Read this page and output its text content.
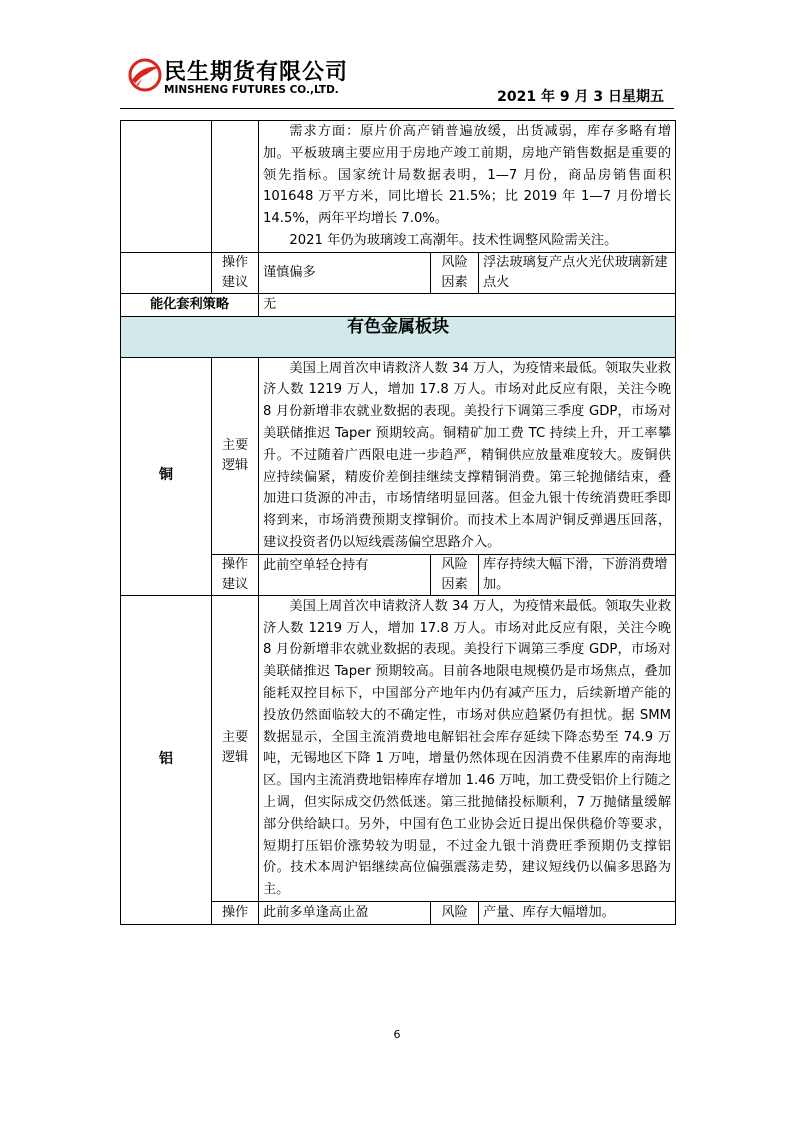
民生期货有限公司
MINSHENG FUTURES CO.,LTD.	2021 年 9 月 3 日星期五

		需求方面：原片价高产销普遍放缓，出货减弱，库存多略有增加。平板玻璃主要应用于房地产竣工前期，房地产销售数据是重要的领先指标。国家统计局数据表明，1—7 月份，商品房销售面积 101648 万平方米，同比增长 21.5%；比 2019 年 1—7 月份增长 14.5%，两年平均增长 7.0%。

2021 年仍为玻璃竣工高潮年。技术性调整风险需关注。		

	操作建议	谨慎偏多	风险因素	浮法玻璃复产点火光伏玻璃新建点火
能化套利策略		无		
有色金属板块				
铜	主要逻辑	美国上周首次申请救济人数 34 万人，为疫情来最低。领取失业救济人数 1219 万人，增加 17.8 万人。市场对此反应有限，关注今晚 8 月份新增非农就业数据的表现。美投行下调第三季度 GDP，市场对美联储推迟 Taper 预期较高。铜精矿加工费 TC 持续上升，开工率攀升。不过随着广西限电进一步趋严，精铜供应放量难度较大。废铜供应持续偏紧，精废价差倒挂继续支撑精铜消费。第三轮抛储结束，叠加进口货源的冲击，市场情绪明显回落。但金九银十传统消费旺季即将到来，市场消费预期支撑铜价。而技术上本周沪铜反弹遇压回落，建议投资者仍以短线震荡偏空思路介入。		

	操作建议	此前空单轻仓持有	风险因素	库存持续大幅下滑，下游消费增加。
铝	主要逻辑	美国上周首次申请救济人数 34 万人，为疫情来最低。领取失业救济人数 1219 万人，增加 17.8 万人。市场对此反应有限，关注今晚 8 月份新增非农就业数据的表现。美投行下调第三季度 GDP，市场对美联储推迟 Taper 预期较高。目前各地限电规模仍是市场焦点，叠加能耗双控目标下，中国部分产地年内仍有减产压力，后续新增产能的投放仍然面临较大的不确定性，市场对供应趋紧仍有担忧。据 SMM 数据显示，全国主流消费地电解铝社会库存延续下降态势至 74.9 万吨，无锡地区下降 1 万吨，增量仍然体现在因消费不佳累库的南海地区。国内主流消费地铝棒库存增加 1.46 万吨，加工费受铝价上行随之上调，但实际成交仍然低迷。第三批抛储投标顺利，7 万抛储量缓解部分供给缺口。另外，中国有色工业协会近日提出保供稳价等要求，短期打压铝价涨势较为明显，不过金九银十消费旺季预期仍支撑铝价。技术本周沪铝继续高位偏强震荡走势，建议短线仍以偏多思路为主。		

	操作	此前多单逢高止盈	风险	产量、库存大幅增加。
6
